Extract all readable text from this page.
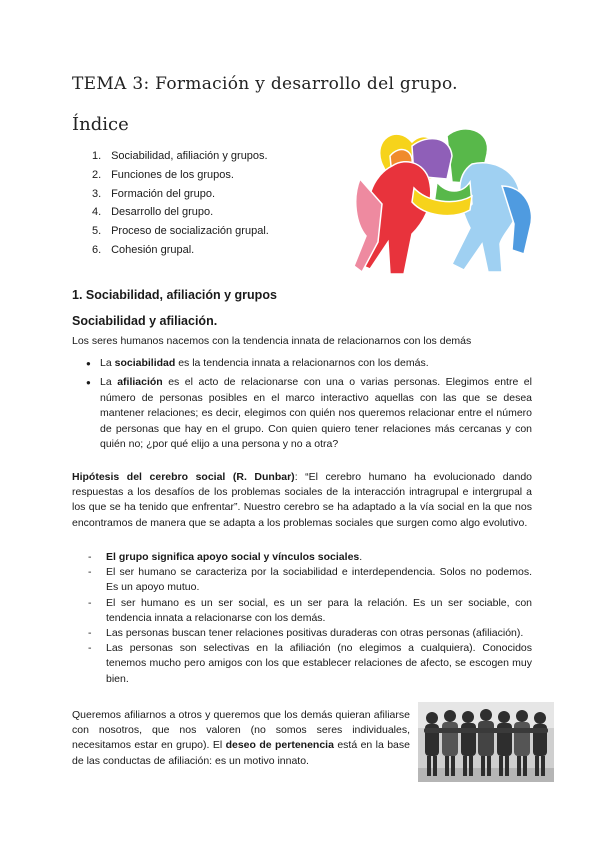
TEMA 3: Formación y desarrollo del grupo.
Índice
1. Sociabilidad, afiliación y grupos.
2. Funciones de los grupos.
3. Formación del grupo.
4. Desarrollo del grupo.
5. Proceso de socialización grupal.
6. Cohesión grupal.
1. Sociabilidad, afiliación y grupos
Sociabilidad y afiliación.
Los seres humanos nacemos con la tendencia innata de relacionarnos con los demás
● La sociabilidad es la tendencia innata a relacionarnos con los demás.
● La afiliación es el acto de relacionarse con una o varias personas. Elegimos entre el número de personas posibles en el marco interactivo aquellas con las que se desea mantener relaciones; es decir, elegimos con quién nos queremos relacionar entre el número de personas que hay en el grupo. Con quien quiero tener relaciones más cercanas y con quién no; ¿por qué elijo a una persona y no a otra?
Hipótesis del cerebro social (R. Dunbar): “El cerebro humano ha evolucionado dando respuestas a los desafíos de los problemas sociales de la interacción intragrupal e intergrupal a los que se ha tenido que enfrentar”. Nuestro cerebro se ha adaptado a la vía social en la que nos encontramos de manera que se adapta a los problemas sociales que surgen como algo evolutivo.
- El grupo significa apoyo social y vínculos sociales.
- El ser humano se caracteriza por la sociabilidad e interdependencia. Solos no podemos. Es un apoyo mutuo.
- El ser humano es un ser social, es un ser para la relación. Es un ser sociable, con tendencia innata a relacionarse con los demás.
- Las personas buscan tener relaciones positivas duraderas con otras personas (afiliación).
- Las personas son selectivas en la afiliación (no elegimos a cualquiera). Conocidos tenemos mucho pero amigos con los que establecer relaciones de afecto, se escogen muy bien.
Queremos afiliarnos a otros y queremos que los demás quieran afiliarse con nosotros, que nos valoren (no somos seres individuales, necesitamos estar en grupo). El deseo de pertenencia está en la base de las conductas de afiliación: es un motivo innato.
